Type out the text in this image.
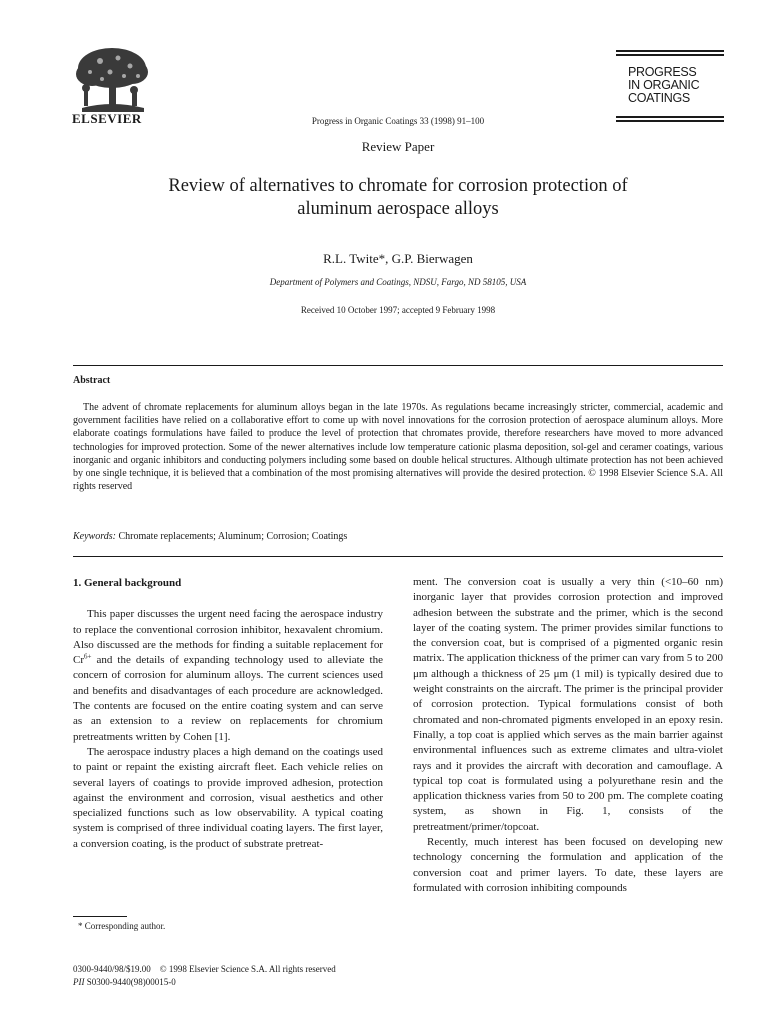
ELSEVIER	Progress in Organic Coatings 33 (1998) 91–100
PROGRESS
IN ORGANIC
COATINGS
Review Paper
Review of alternatives to chromate for corrosion protection of
aluminum aerospace alloys
R.L. Twite*, G.P. Bierwagen
Department of Polymers and Coatings, NDSU, Fargo, ND 58105, USA
Received 10 October 1997; accepted 9 February 1998
Abstract

The advent of chromate replacements for aluminum alloys began in the late 1970s. As regulations became increasingly stricter, commercial, academic and government facilities have relied on a collaborative effort to come up with novel innovations for the corrosion protection of aerospace aluminum alloys. More elaborate coatings formulations have failed to produce the level of protection that chromates provide, therefore researchers have moved to more advanced technologies for improved protection. Some of the newer alternatives include low temperature cationic plasma deposition, sol-gel and ceramer coatings, various inorganic and organic inhibitors and conducting polymers including some based on double helical structures. Although ultimate protection has not been achieved by one single technique, it is believed that a combination of the most promising alternatives will provide the desired protection. © 1998 Elsevier Science S.A. All rights reserved

Keywords: Chromate replacements; Aluminum; Corrosion; Coatings

1. General background

This paper discusses the urgent need facing the aerospace industry to replace the conventional corrosion inhibitor, hexavalent chromium. Also discussed are the methods for finding a suitable replacement for $Cr^{6+}$ and the details of expanding technology used to alleviate the concern of corrosion for aluminum alloys. The current sciences used and benefits and disadvantages of each procedure are acknowledged. The contents are focused on the entire coating system and can serve as an extension to a review on replacements for chromium pretreatments written by Cohen [1].

The aerospace industry places a high demand on the coatings used to paint or repaint the existing aircraft fleet. Each vehicle relies on several layers of coatings to provide improved adhesion, protection against the environment and corrosion, visual aesthetics and other specialized functions such as low observability. A typical coating system is comprised of three individual coating layers. The first layer, a conversion coating, is the product of substrate pretreat-

ment. The conversion coat is usually a very thin (<10–60 nm) inorganic layer that provides corrosion protection and improved adhesion between the substrate and the primer, which is the second layer of the coating system. The primer provides similar functions to the conversion coat, but is comprised of a pigmented organic resin matrix. The application thickness of the primer can vary from 5 to 200 μm although a thickness of 25 μm (1 mil) is typically desired due to weight constraints on the aircraft. The primer is the principal provider of corrosion protection. Typical formulations consist of both chromated and non-chromated pigments enveloped in an epoxy resin. Finally, a top coat is applied which serves as the main barrier against environmental influences such as extreme climates and ultra-violet rays and it provides the aircraft with decoration and camouflage. A typical top coat is formulated using a polyurethane resin and the application thickness varies from 50 to 200 pm. The complete coating system, as shown in Fig. 1, consists of the pretreatment/primer/topcoat.

Recently, much interest has been focused on developing new technology concerning the formulation and application of the conversion coat and primer layers. To date, these layers are formulated with corrosion inhibiting compounds

* Corresponding author.
0300-9440/98/$19.00    © 1998 Elsevier Science S.A. All rights reserved
PII S0300-9440(98)00015-0
